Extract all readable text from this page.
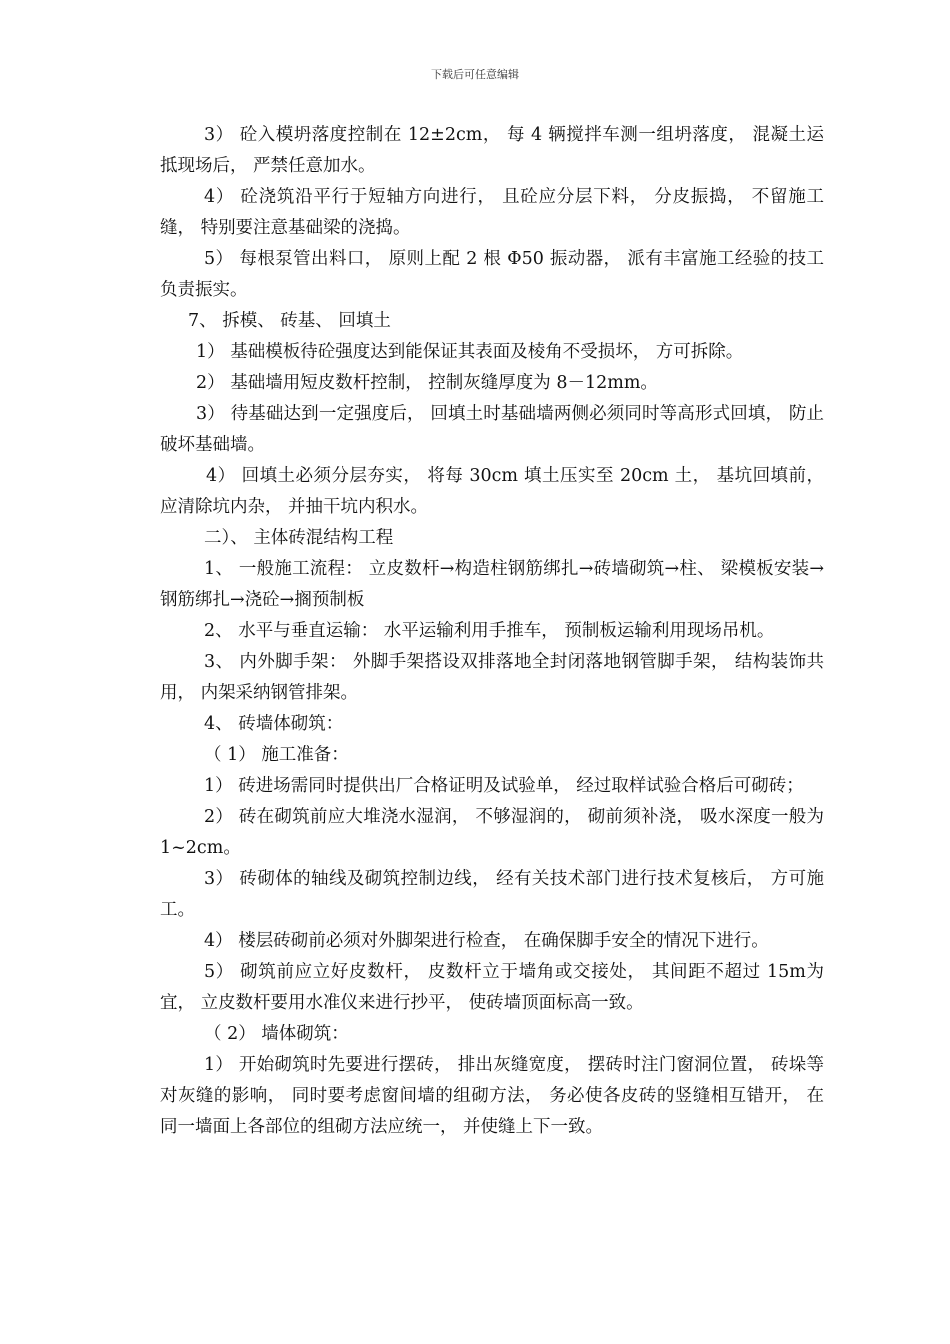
下载后可任意编辑

3） 砼入模坍落度控制在 12±2cm， 每 4 辆搅拌车测一组坍落度， 混凝土运抵现场后， 严禁任意加水。

4） 砼浇筑沿平行于短轴方向进行， 且砼应分层下料， 分皮振捣， 不留施工缝， 特别要注意基础梁的浇捣。

5） 每根泵管出料口， 原则上配 2 根 Φ50 振动器， 派有丰富施工经验的技工负责振实。

7、 拆模、 砖基、 回填土

1） 基础模板待砼强度达到能保证其表面及棱角不受损坏， 方可拆除。

2） 基础墙用短皮数杆控制， 控制灰缝厚度为 8－12mm。

3） 待基础达到一定强度后， 回填土时基础墙两侧必须同时等高形式回填， 防止破坏基础墙。

4） 回填土必须分层夯实， 将每 30cm 填土压实至 20cm 土， 基坑回填前， 应清除坑内杂， 并抽干坑内积水。

二）、 主体砖混结构工程

1、 一般施工流程： 立皮数杆→构造柱钢筋绑扎→砖墙砌筑→柱、 梁模板安装→钢筋绑扎→浇砼→搁预制板

2、 水平与垂直运输： 水平运输利用手推车， 预制板运输利用现场吊机。

3、 内外脚手架： 外脚手架搭设双排落地全封闭落地钢管脚手架， 结构装饰共用， 内架采纳钢管排架。

4、 砖墙体砌筑：

（ 1） 施工准备：

1） 砖进场需同时提供出厂合格证明及试验单， 经过取样试验合格后可砌砖；

2） 砖在砌筑前应大堆浇水湿润， 不够湿润的， 砌前须补浇， 吸水深度一般为 1~2cm。

3） 砖砌体的轴线及砌筑控制边线， 经有关技术部门进行技术复核后， 方可施工。

4） 楼层砖砌前必须对外脚架进行检查， 在确保脚手安全的情况下进行。

5） 砌筑前应立好皮数杆， 皮数杆立于墙角或交接处， 其间距不超过 15m为宜， 立皮数杆要用水准仪来进行抄平， 使砖墙顶面标高一致。

（ 2） 墙体砌筑：

1） 开始砌筑时先要进行摆砖， 排出灰缝宽度， 摆砖时注门窗洞位置， 砖垛等对灰缝的影响， 同时要考虑窗间墙的组砌方法， 务必使各皮砖的竖缝相互错开， 在同一墙面上各部位的组砌方法应统一， 并使缝上下一致。
